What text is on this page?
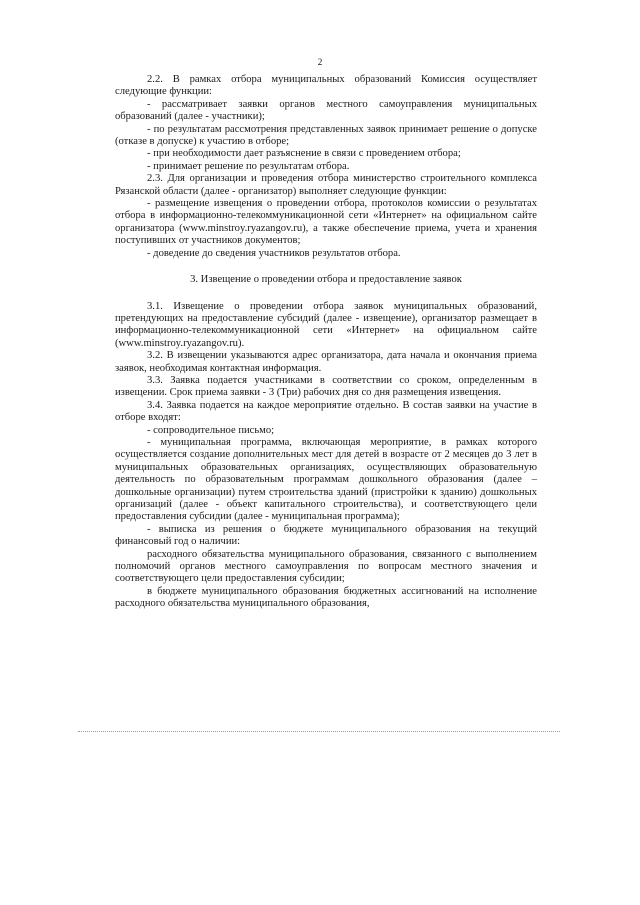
2

2.2. В рамках отбора муниципальных образований Комиссия осуществляет следующие функции:

- рассматривает заявки органов местного самоуправления муниципальных образований (далее - участники);

- по результатам рассмотрения представленных заявок принимает решение о допуске (отказе в допуске) к участию в отборе;

- при необходимости дает разъяснение в связи с проведением отбора;

- принимает решение по результатам отбора.

2.3. Для организации и проведения отбора министерство строительного комплекса Рязанской области (далее - организатор) выполняет следующие функции:

- размещение извещения о проведении отбора, протоколов комиссии о результатах отбора в информационно-телекоммуникационной сети «Интернет» на официальном сайте организатора (www.minstroy.ryazangov.ru), а также обеспечение приема, учета и хранения поступивших от участников документов;

- доведение до сведения участников результатов отбора.

3. Извещение о проведении отбора и предоставление заявок

3.1. Извещение о проведении отбора заявок муниципальных образований, претендующих на предоставление субсидий (далее - извещение), организатор размещает в информационно-телекоммуникационной сети «Интернет» на официальном сайте (www.minstroy.ryazangov.ru).

3.2. В извещении указываются адрес организатора, дата начала и окончания приема заявок, необходимая контактная информация.

3.3. Заявка подается участниками в соответствии со сроком, определенным в извещении. Срок приема заявки - 3 (Три) рабочих дня со дня размещения извещения.

3.4. Заявка подается на каждое мероприятие отдельно. В состав заявки на участие в отборе входят:

- сопроводительное письмо;

- муниципальная программа, включающая мероприятие, в рамках которого осуществляется создание дополнительных мест для детей в возрасте от 2 месяцев до 3 лет в муниципальных образовательных организациях, осуществляющих образовательную деятельность по образовательным программам дошкольного образования (далее – дошкольные организации) путем строительства зданий (пристройки к зданию) дошкольных организаций (далее - объект капитального строительства), и соответствующего цели предоставления субсидии (далее - муниципальная программа);

- выписка из решения о бюджете муниципального образования на текущий финансовый год о наличии:

расходного обязательства муниципального образования, связанного с выполнением полномочий органов местного самоуправления по вопросам местного значения и соответствующего цели предоставления субсидии;

в бюджете муниципального образования бюджетных ассигнований на исполнение расходного обязательства муниципального образования,
